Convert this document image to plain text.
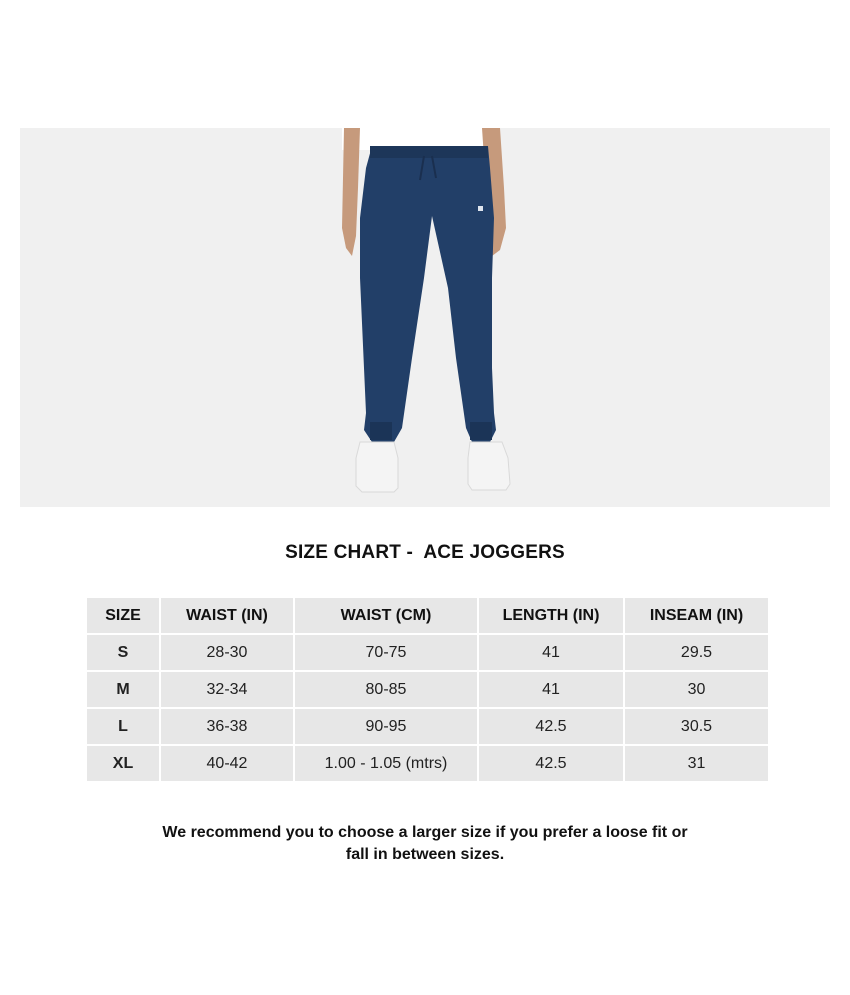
SIZE CHART -  ACE JOGGERS
SIZE	WAIST (IN)	WAIST (CM)	LENGTH (IN)	INSEAM (IN)
S	28-30	70-75	41	29.5
M	32-34	80-85	41	30
L	36-38	90-95	42.5	30.5
XL	40-42	1.00 - 1.05 (mtrs)	42.5	31
We recommend you to choose a larger size if you prefer a loose fit or
fall in between sizes.
